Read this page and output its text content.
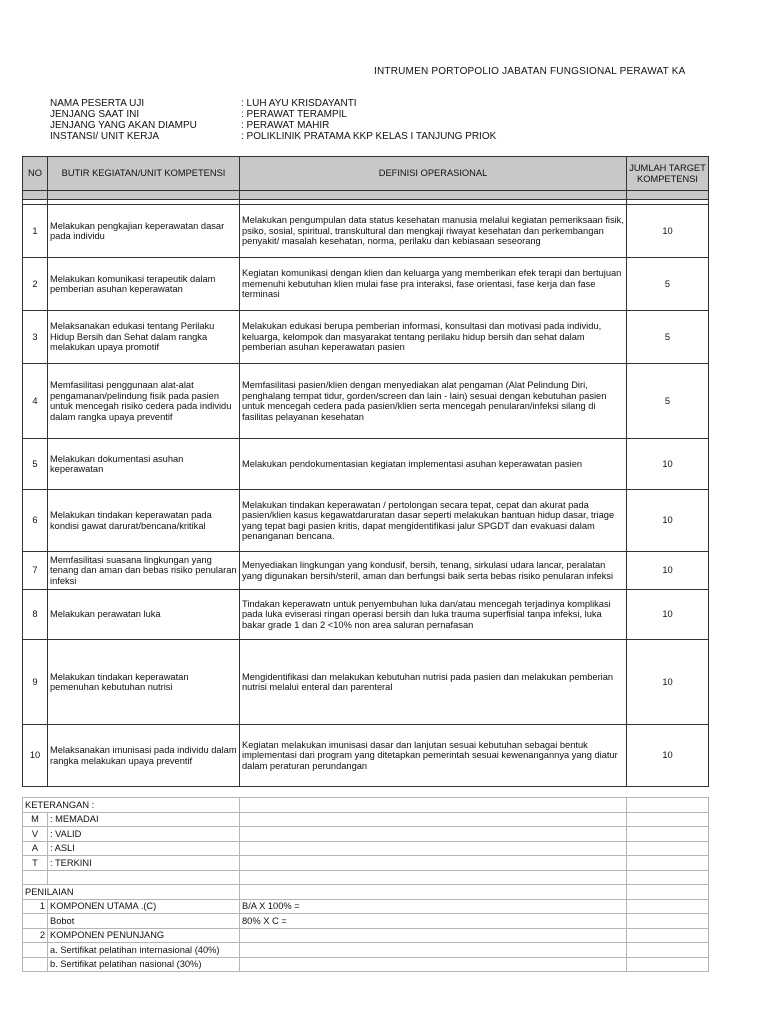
INTRUMEN PORTOPOLIO JABATAN FUNGSIONAL PERAWAT KA
NAMA PESERTA UJI	: LUH AYU KRISDAYANTI
JENJANG SAAT INI	: PERAWAT TERAMPIL
JENJANG YANG AKAN DIAMPU	: PERAWAT MAHIR
INSTANSI/ UNIT KERJA	: POLIKLINIK PRATAMA KKP KELAS I TANJUNG PRIOK
NO	BUTIR KEGIATAN/UNIT KOMPETENSI	DEFINISI OPERASIONAL	JUMLAH TARGET KOMPETENSI

1	Melakukan pengkajian keperawatan dasar pada individu	Melakukan pengumpulan data status kesehatan manusia melalui kegiatan pemeriksaan fisik, psiko, sosial, spiritual, transkultural dan mengkaji riwayat kesehatan dan perkembangan penyakit/ masalah kesehatan, norma, perilaku dan kebiasaan seseorang	10
2	Melakukan komunikasi terapeutik dalam pemberian asuhan keperawatan	Kegiatan komunikasi dengan klien dan keluarga yang memberikan efek terapi dan bertujuan memenuhi kebutuhan klien mulai fase pra interaksi, fase orientasi, fase kerja dan fase terminasi	5
3	Melaksanakan edukasi tentang Perilaku Hidup Bersih dan Sehat dalam rangka melakukan upaya promotif	Melakukan edukasi berupa pemberian informasi, konsultasi dan motivasi pada individu, keluarga, kelompok dan masyarakat tentang perilaku hidup bersih dan sehat dalam pemberian asuhan keperawatan pasien	5
4	Memfasilitasi penggunaan alat-alat pengamanan/pelindung fisik pada pasien untuk mencegah risiko cedera pada individu dalam rangka upaya preventif	Memfasilitasi pasien/klien dengan menyediakan alat pengaman (Alat Pelindung Diri, penghalang tempat tidur, gorden/screen dan lain - lain) sesuai dengan kebutuhan pasien untuk mencegah cedera pada pasien/klien serta mencegah penularan/infeksi silang di fasilitas pelayanan kesehatan	5
5	Melakukan dokumentasi asuhan keperawatan	Melakukan pendokumentasian kegiatan implementasi asuhan keperawatan pasien	10
6	Melakukan tindakan keperawatan pada kondisi gawat darurat/bencana/kritikal	Melakukan tindakan keperawatan / pertolongan secara tepat, cepat dan akurat pada pasien/klien kasus kegawatdaruratan dasar seperti melakukan bantuan hidup dasar, triage yang tepat bagi pasien kritis, dapat mengidentifikasi jalur SPGDT dan evakuasi dalam penanganan bencana.	10
7	Memfasilitasi suasana lingkungan yang tenang dan aman dan bebas risiko penularan infeksi	Menyediakan lingkungan yang kondusif, bersih, tenang, sirkulasi udara lancar, peralatan yang digunakan bersih/steril, aman dan berfungsi baik serta bebas risiko penularan infeksi	10
8	Melakukan perawatan luka	Tindakan keperawatn untuk penyembuhan luka dan/atau mencegah terjadinya komplikasi pada luka eviserasi ringan operasi bersih dan luka trauma superfisial tanpa infeksi, luka bakar grade 1 dan 2 <10% non area saluran pernafasan	10
9	Melakukan tindakan keperawatan pemenuhan kebutuhan nutrisi	Mengidentifikasi dan melakukan kebutuhan nutrisi pada pasien dan melakukan pemberian nutrisi melalui enteral dan parenteral	10
10	Melaksanakan imunisasi pada individu dalam rangka melakukan upaya preventif	Kegiatan melakukan imunisasi dasar dan lanjutan sesuai kebutuhan sebagai bentuk implementasi dari program yang ditetapkan pemerintah sesuai kewenangannya yang diatur dalam peraturan perundangan	10
KETERANGAN :			
M	: MEMADAI		
V	: VALID		
A	: ASLI		
T	: TERKINI		

PENILAIAN			
1	KOMPONEN UTAMA .(C)	B/A X 100% =	
	Bobot	80% X C =	
2	KOMPONEN PENUNJANG		
	a. Sertifikat pelatihan internasional (40%)		
	b. Sertifikat pelatihan nasional (30%)		
